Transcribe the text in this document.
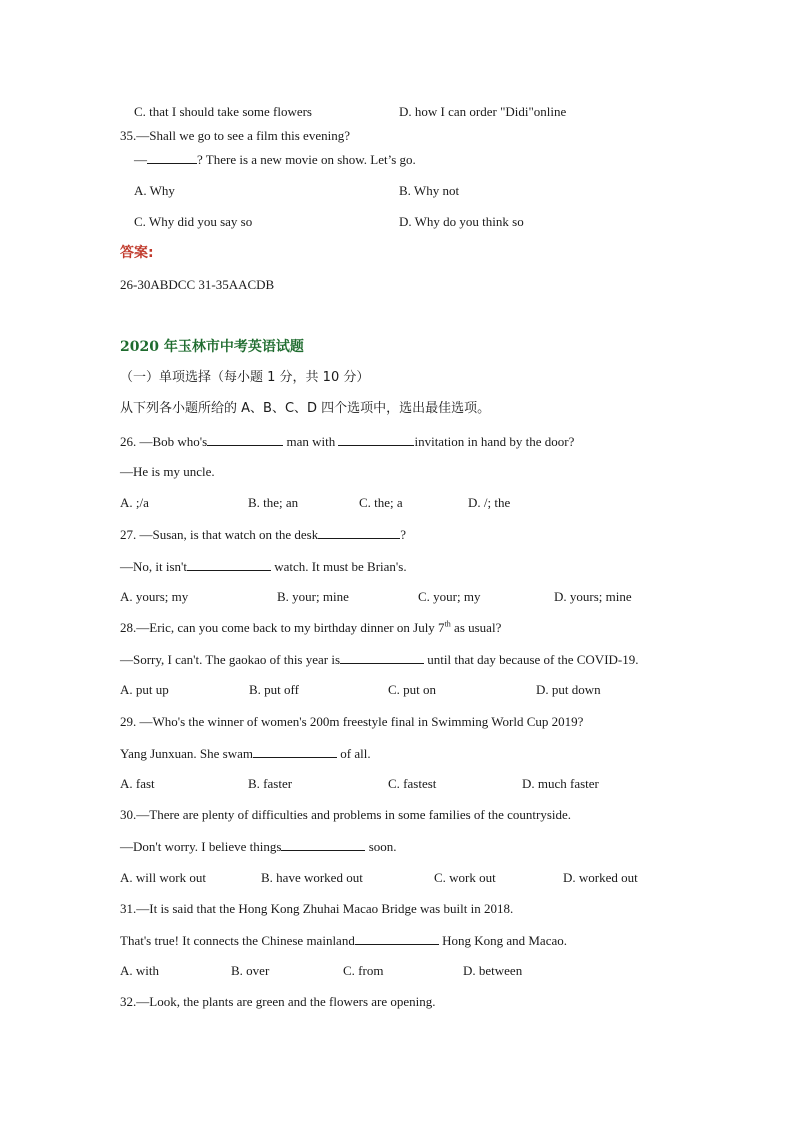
C. that I should take some flowers	D. how I can order "Didi"online
35.—Shall we go to see a film this evening?
—	? There is a new movie on show. Let’s go.
A. Why	B. Why not
C. Why did you say so	D. Why do you think so
答案:
26-30ABDCC 31-35AACDB
2020 年玉林市中考英语试题
（一）单项选择（每小题 1 分，共 10 分）
从下列各小题所给的 A、B、C、D 四个选项中，选出最佳选项。
26. —Bob who's	man with	invitation in hand by the door?
—He is my uncle.
A. ;/a	B. the; an	C. the; a	D. /; the
27. —Susan, is that watch on the desk	?
—No, it isn't	watch. It must be Brian's.
A. yours; my	B. your; mine	C. your; my	D. yours; mine
28.—Eric, can you come back to my birthday dinner on July 7th as usual?
—Sorry, I can't. The gaokao of this year is	until that day because of the COVID-19.
A. put up	B. put off	C. put on	D. put down
29. —Who's the winner of women's 200m freestyle final in Swimming World Cup 2019?
Yang Junxuan. She swam	of all.
A. fast	B. faster	C. fastest	D. much faster
30.—There are plenty of difficulties and problems in some families of the countryside.
—Don't worry. I believe things	soon.
A. will work out	B. have worked out	C. work out	D. worked out
31.—It is said that the Hong Kong Zhuhai Macao Bridge was built in 2018.
That's true! It connects the Chinese mainland	Hong Kong and Macao.
A. with	B. over	C. from	D. between
32.—Look, the plants are green and the flowers are opening.
